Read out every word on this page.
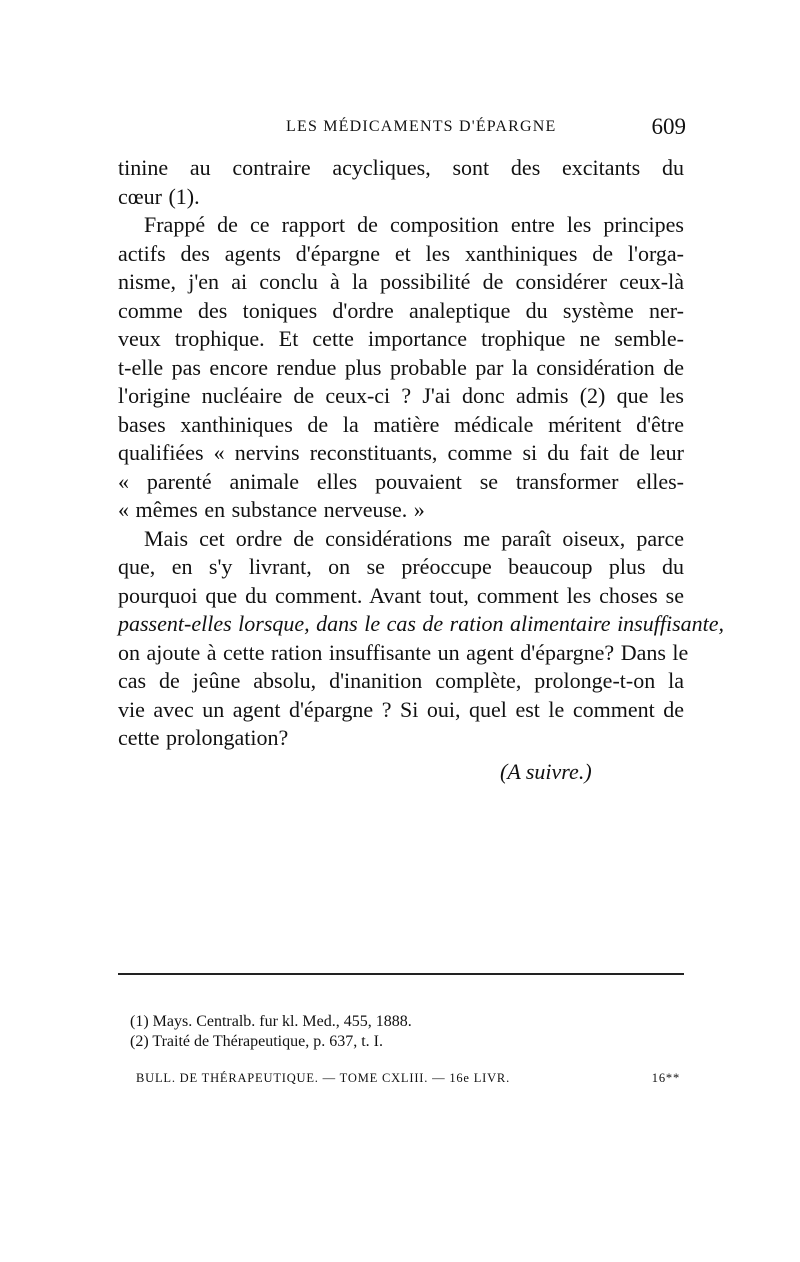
LES MÉDICAMENTS D'ÉPARGNE	609
tinine au contraire acycliques, sont des excitants du
cœur (1).
Frappé de ce rapport de composition entre les principes
actifs des agents d'épargne et les xanthiniques de l'orga-
nisme, j'en ai conclu à la possibilité de considérer ceux-là
comme des toniques d'ordre analeptique du système ner-
veux trophique. Et cette importance trophique ne semble-
t-elle pas encore rendue plus probable par la considération de
l'origine nucléaire de ceux-ci ? J'ai donc admis (2) que les
bases xanthiniques de la matière médicale méritent d'être
qualifiées « nervins reconstituants, comme si du fait de leur
« parenté animale elles pouvaient se transformer elles-
« mêmes en substance nerveuse. »
Mais cet ordre de considérations me paraît oiseux, parce
que, en s'y livrant, on se préoccupe beaucoup plus du
pourquoi que du comment. Avant tout, comment les choses se
passent-elles lorsque, dans le cas de ration alimentaire insuffisante,
on ajoute à cette ration insuffisante un agent d'épargne? Dans le
cas de jeûne absolu, d'inanition complète, prolonge-t-on la
vie avec un agent d'épargne ? Si oui, quel est le comment de
cette prolongation?
(A suivre.)
(1) Mays. Centralb. fur kl. Med., 455, 1888.
(2) Traité de Thérapeutique, p. 637, t. I.
BULL. DE THÉRAPEUTIQUE. — TOME CXLIII. — 16e LIVR.	16**
